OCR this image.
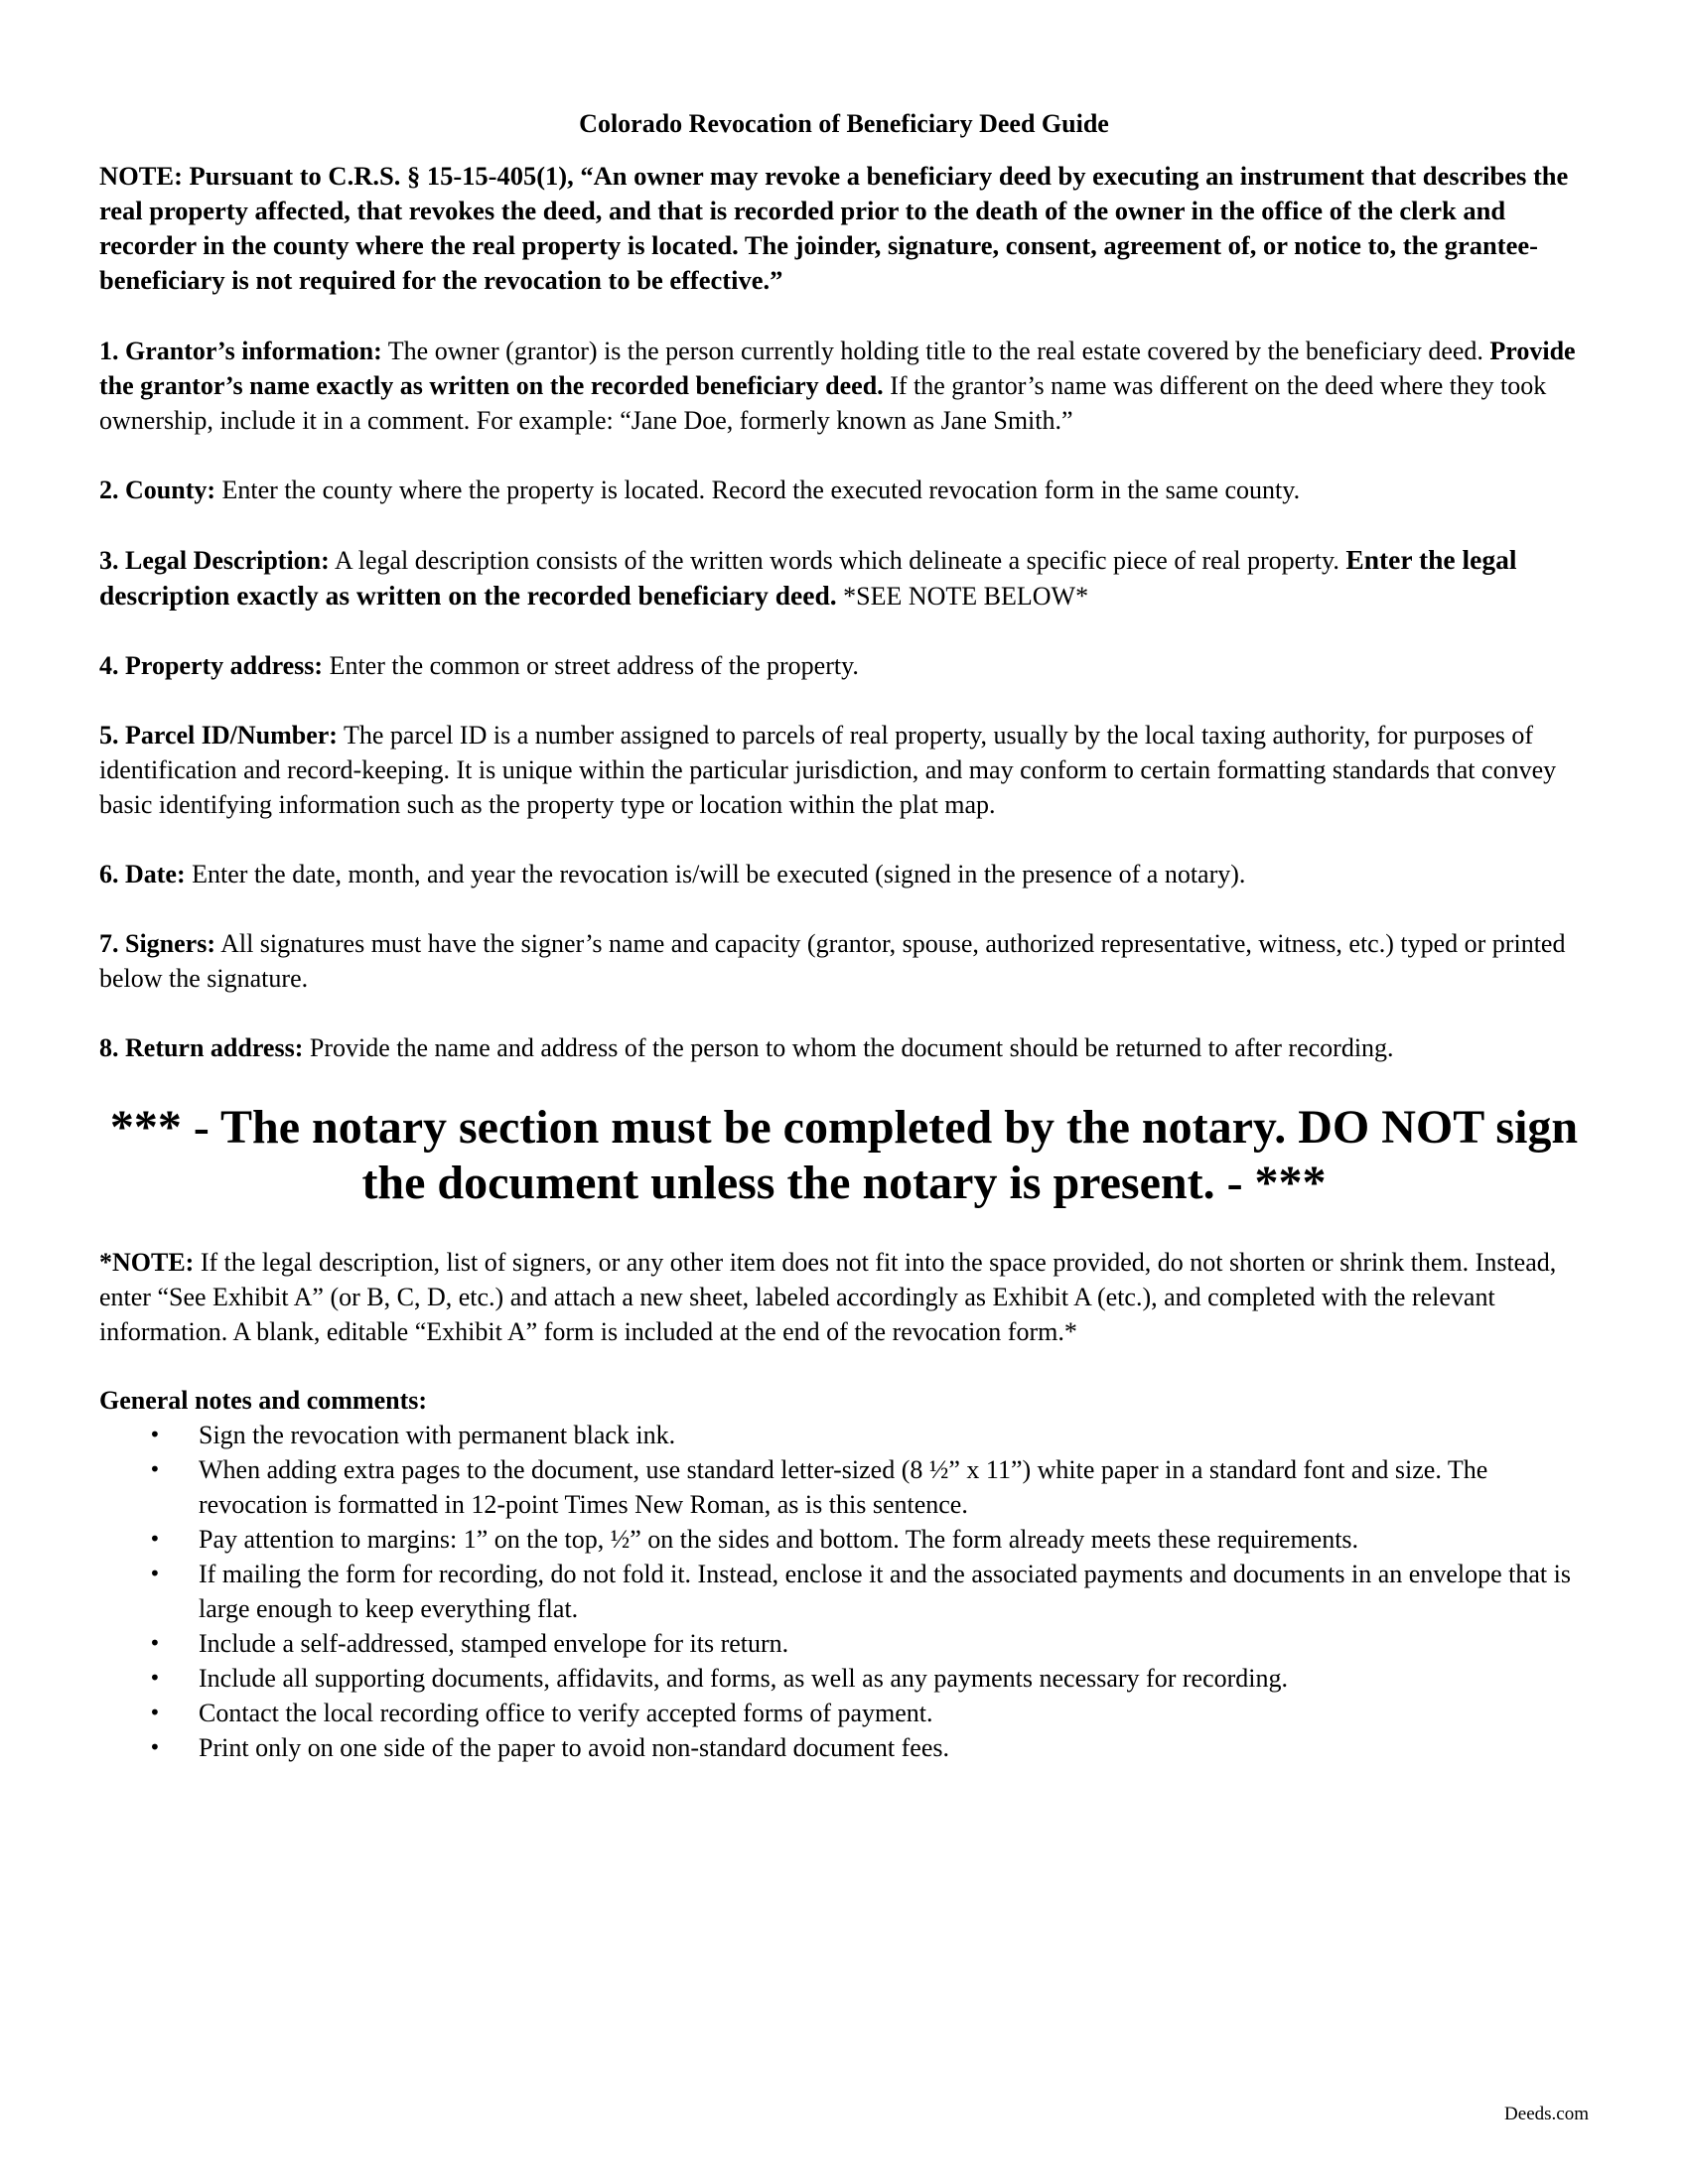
Colorado Revocation of Beneficiary Deed Guide
NOTE: Pursuant to C.R.S. § 15-15-405(1), “An owner may revoke a beneficiary deed by executing an instrument that describes the real property affected, that revokes the deed, and that is recorded prior to the death of the owner in the office of the clerk and recorder in the county where the real property is located. The joinder, signature, consent, agreement of, or notice to, the grantee-beneficiary is not required for the revocation to be effective.”
1. Grantor’s information: The owner (grantor) is the person currently holding title to the real estate covered by the beneficiary deed. Provide the grantor’s name exactly as written on the recorded beneficiary deed. If the grantor’s name was different on the deed where they took ownership, include it in a comment. For example: “Jane Doe, formerly known as Jane Smith.”
2. County: Enter the county where the property is located. Record the executed revocation form in the same county.
3. Legal Description: A legal description consists of the written words which delineate a specific piece of real property. Enter the legal description exactly as written on the recorded beneficiary deed. *SEE NOTE BELOW*
4. Property address: Enter the common or street address of the property.
5. Parcel ID/Number: The parcel ID is a number assigned to parcels of real property, usually by the local taxing authority, for purposes of identification and record-keeping. It is unique within the particular jurisdiction, and may conform to certain formatting standards that convey basic identifying information such as the property type or location within the plat map.
6. Date: Enter the date, month, and year the revocation is/will be executed (signed in the presence of a notary).
7. Signers: All signatures must have the signer’s name and capacity (grantor, spouse, authorized representative, witness, etc.) typed or printed below the signature.
8. Return address: Provide the name and address of the person to whom the document should be returned to after recording.
*** - The notary section must be completed by the notary. DO NOT sign the document unless the notary is present. - ***
*NOTE: If the legal description, list of signers, or any other item does not fit into the space provided, do not shorten or shrink them. Instead, enter “See Exhibit A” (or B, C, D, etc.) and attach a new sheet, labeled accordingly as Exhibit A (etc.), and completed with the relevant information. A blank, editable “Exhibit A” form is included at the end of the revocation form.*
General notes and comments:
• Sign the revocation with permanent black ink.
• When adding extra pages to the document, use standard letter-sized (8 ½” x 11”) white paper in a standard font and size. The revocation is formatted in 12-point Times New Roman, as is this sentence.
• Pay attention to margins: 1” on the top, ½” on the sides and bottom. The form already meets these requirements.
• If mailing the form for recording, do not fold it. Instead, enclose it and the associated payments and documents in an envelope that is large enough to keep everything flat.
• Include a self-addressed, stamped envelope for its return.
• Include all supporting documents, affidavits, and forms, as well as any payments necessary for recording.
• Contact the local recording office to verify accepted forms of payment.
• Print only on one side of the paper to avoid non-standard document fees.
Deeds.com
